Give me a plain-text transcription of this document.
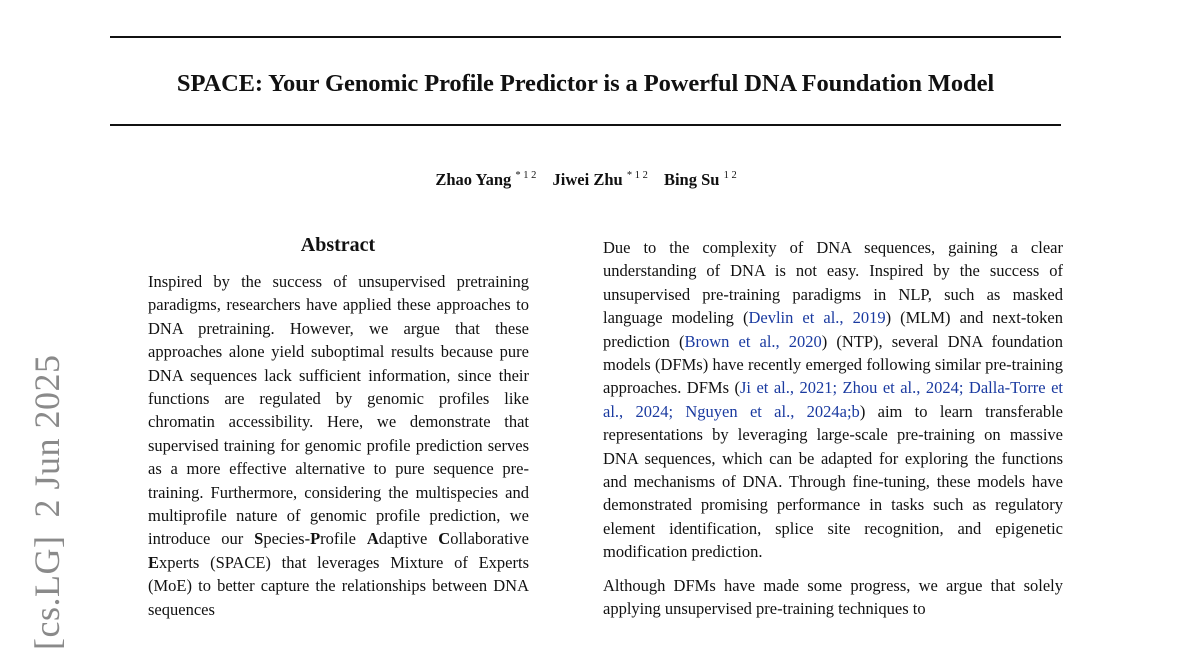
SPACE: Your Genomic Profile Predictor is a Powerful DNA Foundation Model
Zhao Yang $^{* 1 2}$ Jiwei Zhu $^{* 1 2}$ Bing Su $^{1 2}$
Abstract
Inspired by the success of unsupervised pretraining paradigms, researchers have applied these approaches to DNA pretraining. However, we argue that these approaches alone yield suboptimal results because pure DNA sequences lack sufficient information, since their functions are regulated by genomic profiles like chromatin accessibility. Here, we demonstrate that supervised training for genomic profile prediction serves as a more effective alternative to pure sequence pretraining. Furthermore, considering the multispecies and multiprofile nature of genomic profile prediction, we introduce our Species-Profile Adaptive Collaborative Experts (SPACE) that leverages Mixture of Experts (MoE) to better capture the relationships between DNA sequences

Due to the complexity of DNA sequences, gaining a clear understanding of DNA is not easy. Inspired by the success of unsupervised pre-training paradigms in NLP, such as masked language modeling (Devlin et al., 2019) (MLM) and next-token prediction (Brown et al., 2020) (NTP), several DNA foundation models (DFMs) have recently emerged following similar pre-training approaches. DFMs (Ji et al., 2021; Zhou et al., 2024; Dalla-Torre et al., 2024; Nguyen et al., 2024a;b) aim to learn transferable representations by leveraging large-scale pre-training on massive DNA sequences, which can be adapted for exploring the functions and mechanisms of DNA. Through fine-tuning, these models have demonstrated promising performance in tasks such as regulatory element identification, splice site recognition, and epigenetic modification prediction.

Although DFMs have made some progress, we argue that solely applying unsupervised pre-training techniques to

[cs.LG]2 Jun 2025
